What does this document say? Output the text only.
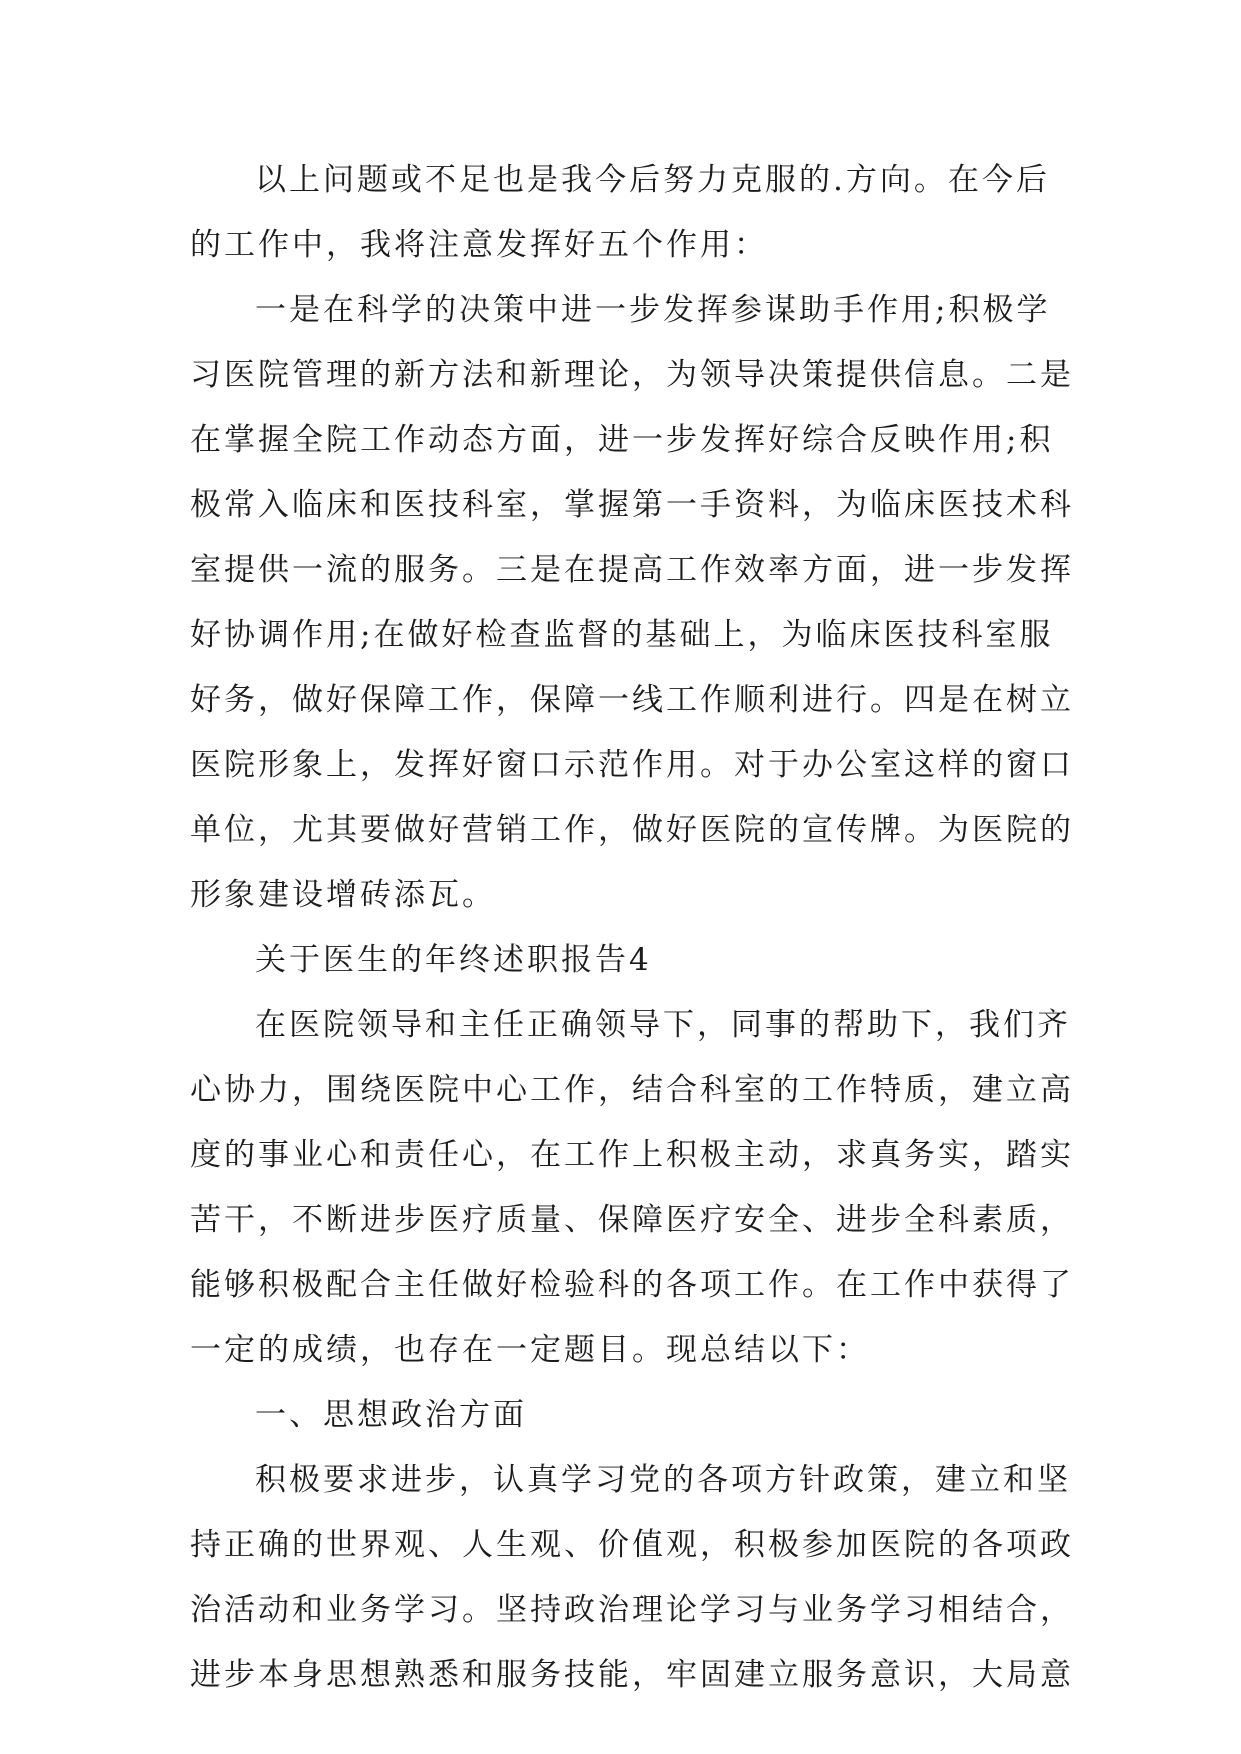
以上问题或不足也是我今后努力克服的.方向。在今后
的工作中，我将注意发挥好五个作用：
一是在科学的决策中进一步发挥参谋助手作用;积极学
习医院管理的新方法和新理论，为领导决策提供信息。二是
在掌握全院工作动态方面，进一步发挥好综合反映作用;积
极常入临床和医技科室，掌握第一手资料，为临床医技术科
室提供一流的服务。三是在提高工作效率方面，进一步发挥
好协调作用;在做好检查监督的基础上，为临床医技科室服
好务，做好保障工作，保障一线工作顺利进行。四是在树立
医院形象上，发挥好窗口示范作用。对于办公室这样的窗口
单位，尤其要做好营销工作，做好医院的宣传牌。为医院的
形象建设增砖添瓦。
关于医生的年终述职报告4
在医院领导和主任正确领导下，同事的帮助下，我们齐
心协力，围绕医院中心工作，结合科室的工作特质，建立高
度的事业心和责任心，在工作上积极主动，求真务实，踏实
苦干，不断进步医疗质量、保障医疗安全、进步全科素质，
能够积极配合主任做好检验科的各项工作。在工作中获得了
一定的成绩，也存在一定题目。现总结以下：
一、思想政治方面
积极要求进步，认真学习党的各项方针政策，建立和坚
持正确的世界观、人生观、价值观，积极参加医院的各项政
治活动和业务学习。坚持政治理论学习与业务学习相结合，
进步本身思想熟悉和服务技能，牢固建立服务意识，大局意
